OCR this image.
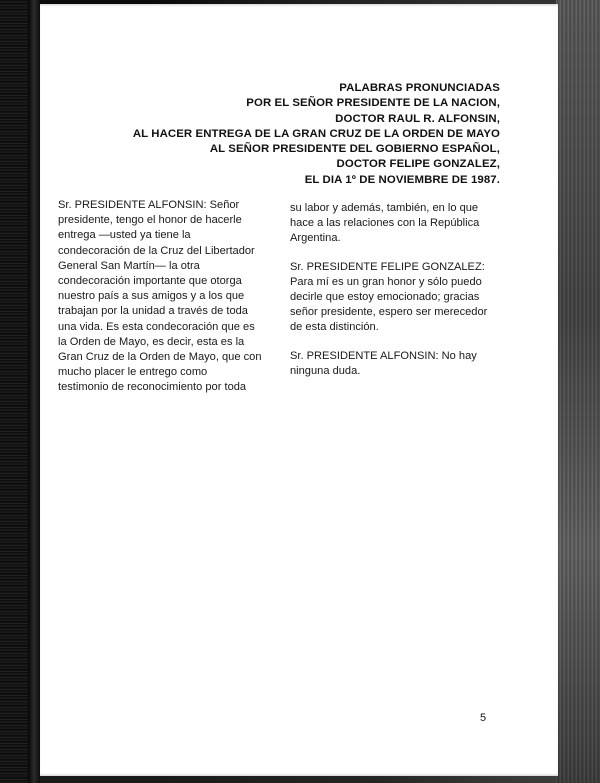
PALABRAS PRONUNCIADAS
POR EL SEÑOR PRESIDENTE DE LA NACION,
DOCTOR RAUL R. ALFONSIN,
AL HACER ENTREGA DE LA GRAN CRUZ DE LA ORDEN DE MAYO
AL SEÑOR PRESIDENTE DEL GOBIERNO ESPAÑOL,
DOCTOR FELIPE GONZALEZ,
EL DIA 1º DE NOVIEMBRE DE 1987.
Sr. PRESIDENTE ALFONSIN: Señor
presidente, tengo el honor de hacerle
entrega —usted ya tiene la
condecoración de la Cruz del Libertador
General San Martín— la otra
condecoración importante que otorga
nuestro país a sus amigos y a los que
trabajan por la unidad a través de toda
una vida. Es esta condecoración que es
la Orden de Mayo, es decir, esta es la
Gran Cruz de la Orden de Mayo, que con
mucho placer le entrego como
testimonio de reconocimiento por toda
su labor y además, también, en lo que
hace a las relaciones con la República
Argentina.
Sr. PRESIDENTE FELIPE GONZALEZ:
Para mí es un gran honor y sólo puedo
decirle que estoy emocionado; gracias
señor presidente, espero ser merecedor
de esta distinción.
Sr. PRESIDENTE ALFONSIN: No hay
ninguna duda.
5
